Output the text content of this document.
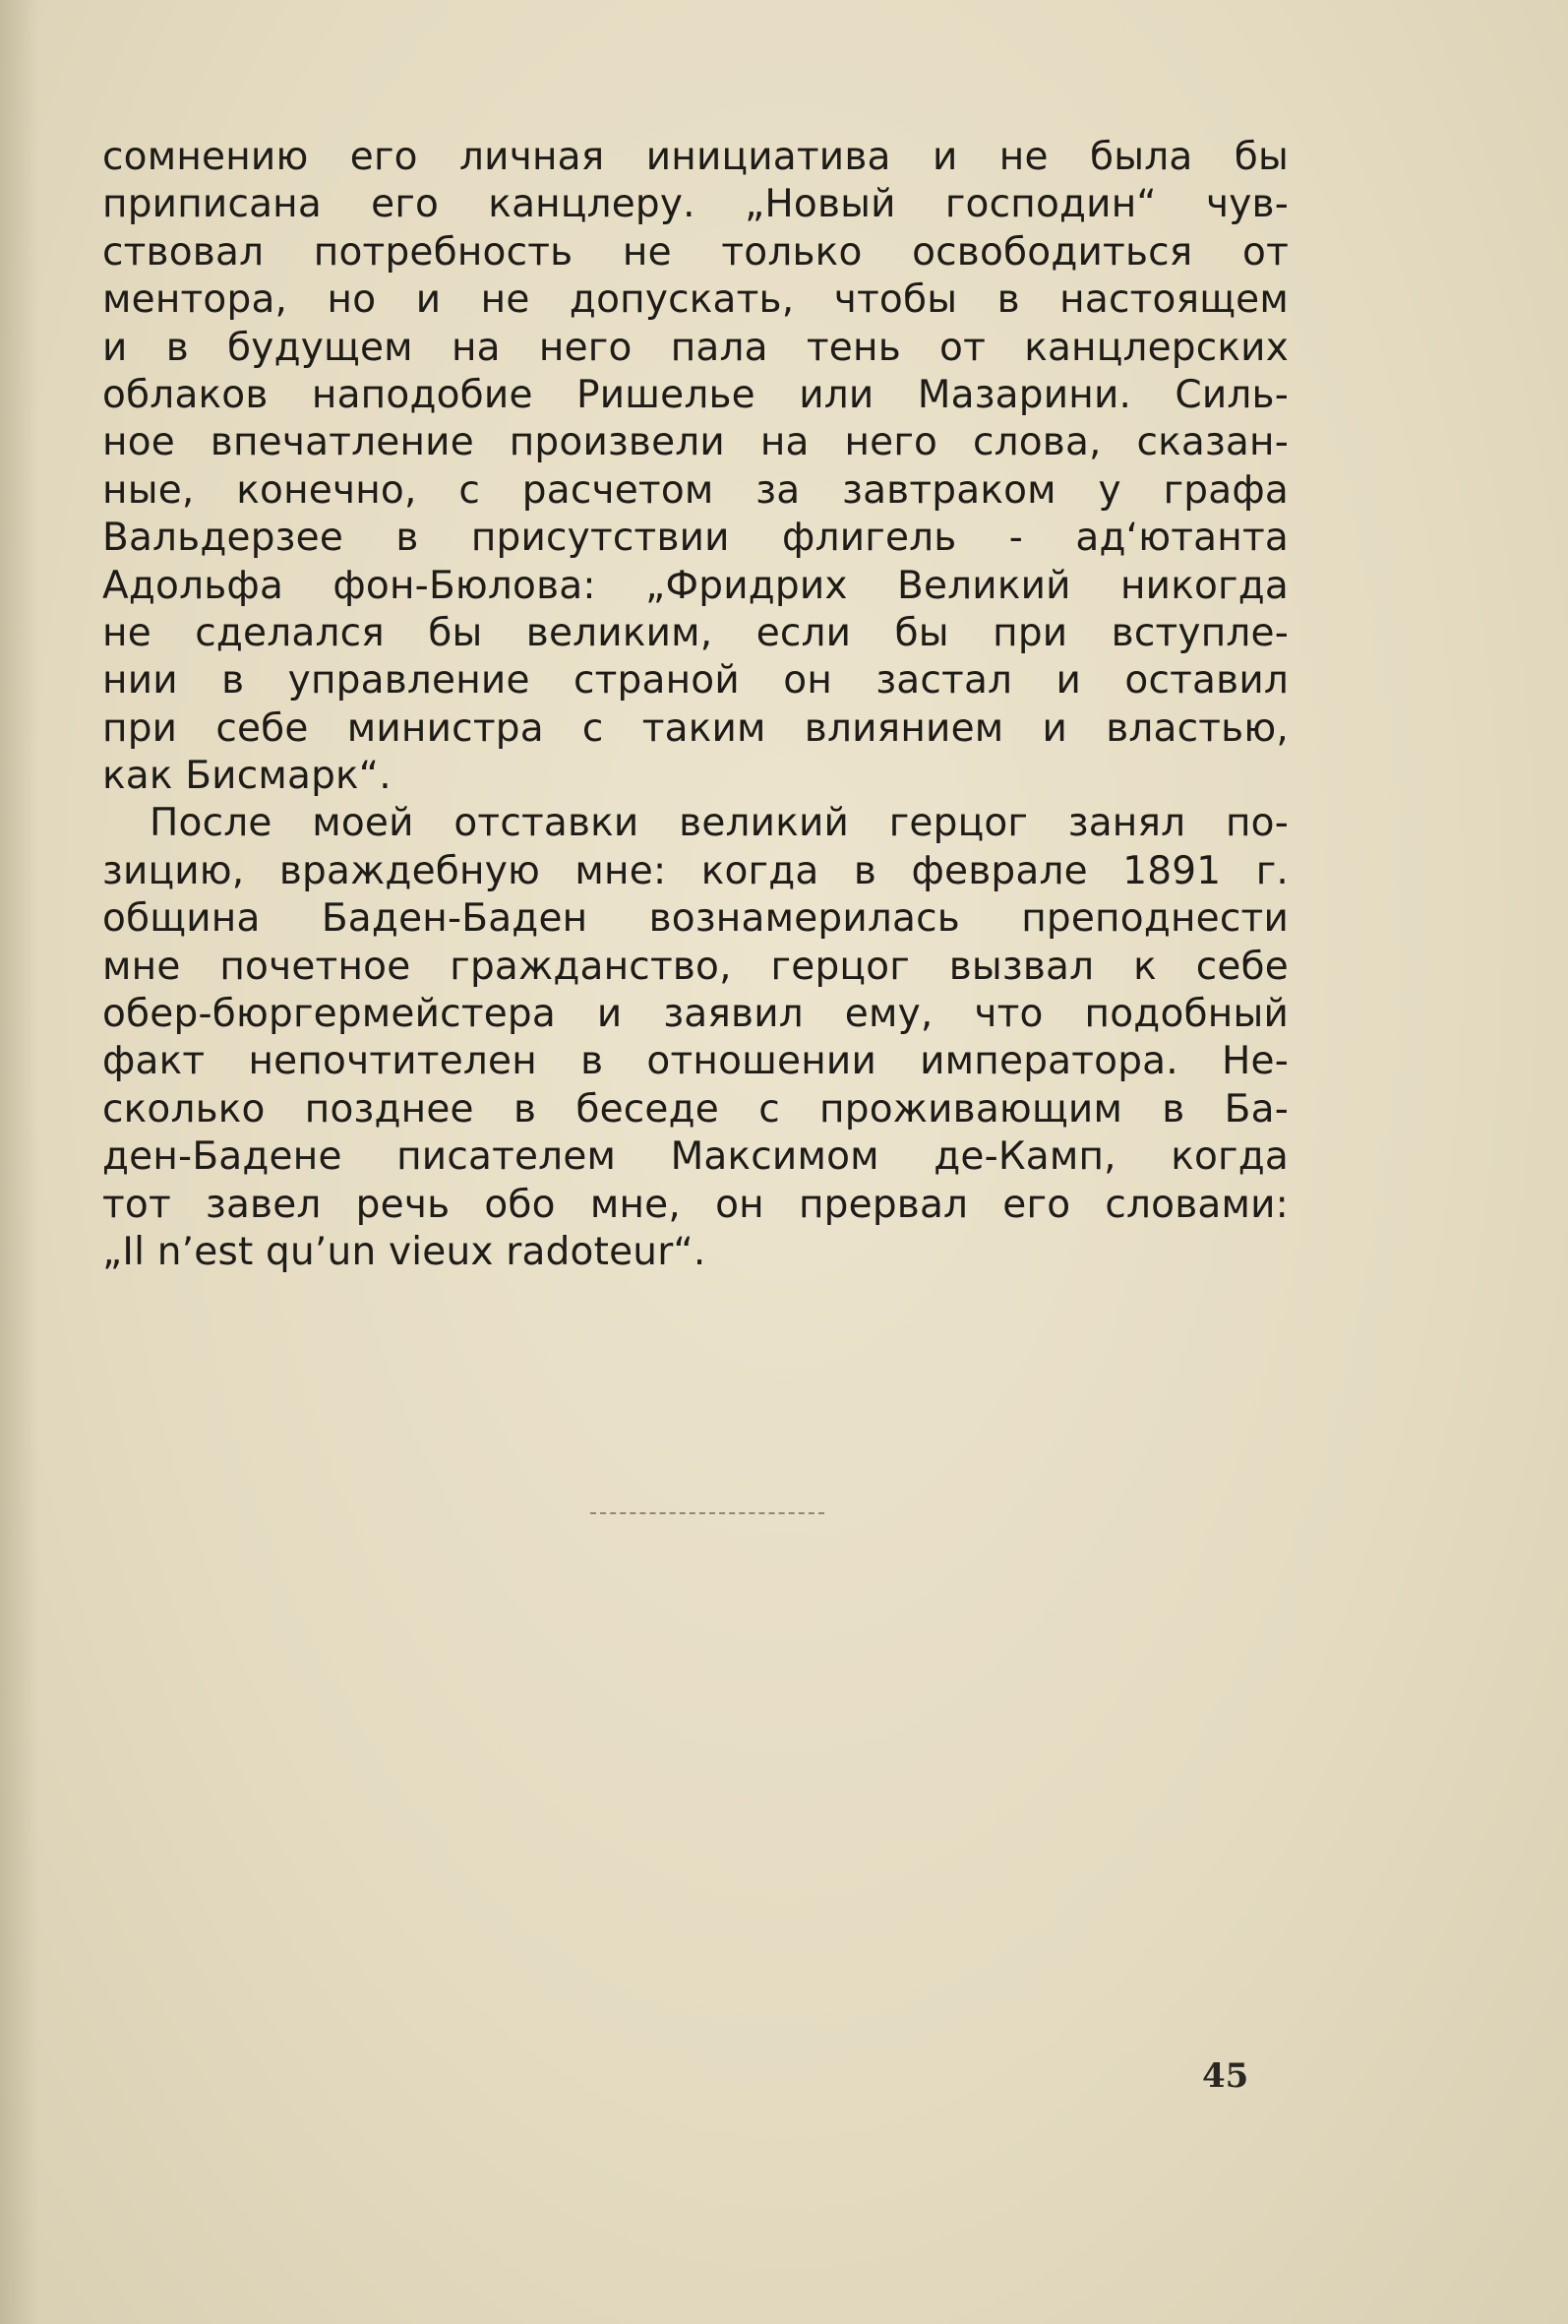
сомнению его личная инициатива и не была бы
приписана его канцлеру. „Новый господин“ чув-
ствовал потребность не только освободиться от
ментора, но и не допускать, чтобы в настоящем
и в будущем на него пала тень от канцлерских
облаков наподобие Ришелье или Мазарини. Силь-
ное впечатление произвели на него слова, сказан-
ные, конечно, с расчетом за завтраком у графа
Вальдерзее в присутствии флигель - ад‘ютанта
Адольфа фон-Бюлова: „Фридрих Великий никогда
не сделался бы великим, если бы при вступле-
нии в управление страной он застал и оставил
при себе министра с таким влиянием и властью,
как Бисмарк“.
После моей отставки великий герцог занял по-
зицию, враждебную мне: когда в феврале 1891 г.
община Баден-Баден вознамерилась преподнести
мне почетное гражданство, герцог вызвал к себе
обер-бюргермейстера и заявил ему, что подобный
факт непочтителен в отношении императора. Не-
сколько позднее в беседе с проживающим в Ба-
ден-Бадене писателем Максимом де-Камп, когда
тот завел речь обо мне, он прервал его словами:
„Il n’est qu’un vieux radoteur“.
45
